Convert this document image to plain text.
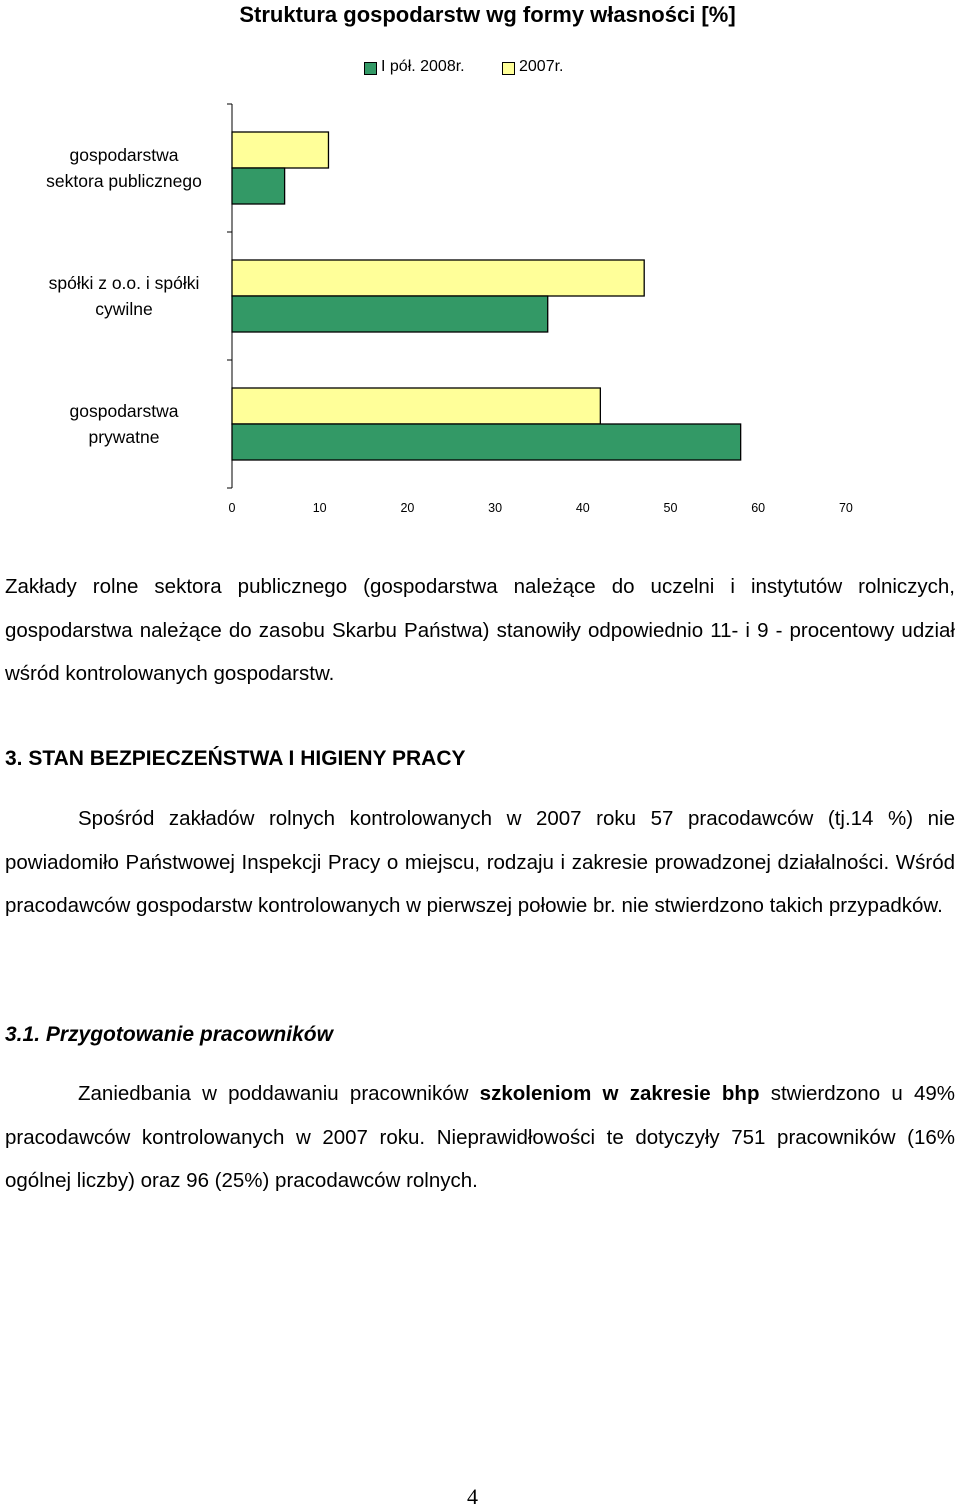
Struktura gospodarstw wg formy własności [%]
I pół. 2008r.	2007r.
gospodarstwa
sektora publicznego
spółki z o.o. i spółki
cywilne
gospodarstwa
prywatne
0	10	20	30	40	50	60	70

Zakłady rolne sektora publicznego (gospodarstwa należące do uczelni i instytutów rolniczych, gospodarstwa należące do zasobu Skarbu Państwa) stanowiły odpowiednio 11- i 9 - procentowy udział wśród kontrolowanych gospodarstw.

3. STAN BEZPIECZEŃSTWA I HIGIENY PRACY

Spośród zakładów rolnych kontrolowanych w 2007 roku 57 pracodawców (tj.14 %) nie powiadomiło Państwowej Inspekcji Pracy o miejscu, rodzaju i zakresie prowadzonej działalności. Wśród pracodawców gospodarstw kontrolowanych w pierwszej połowie br. nie stwierdzono takich przypadków.

3.1. Przygotowanie pracowników

Zaniedbania w poddawaniu pracowników szkoleniom w zakresie bhp stwierdzono u 49% pracodawców kontrolowanych w 2007 roku. Nieprawidłowości te dotyczyły 751 pracowników (16% ogólnej liczby) oraz 96 (25%) pracodawców rolnych.

4
